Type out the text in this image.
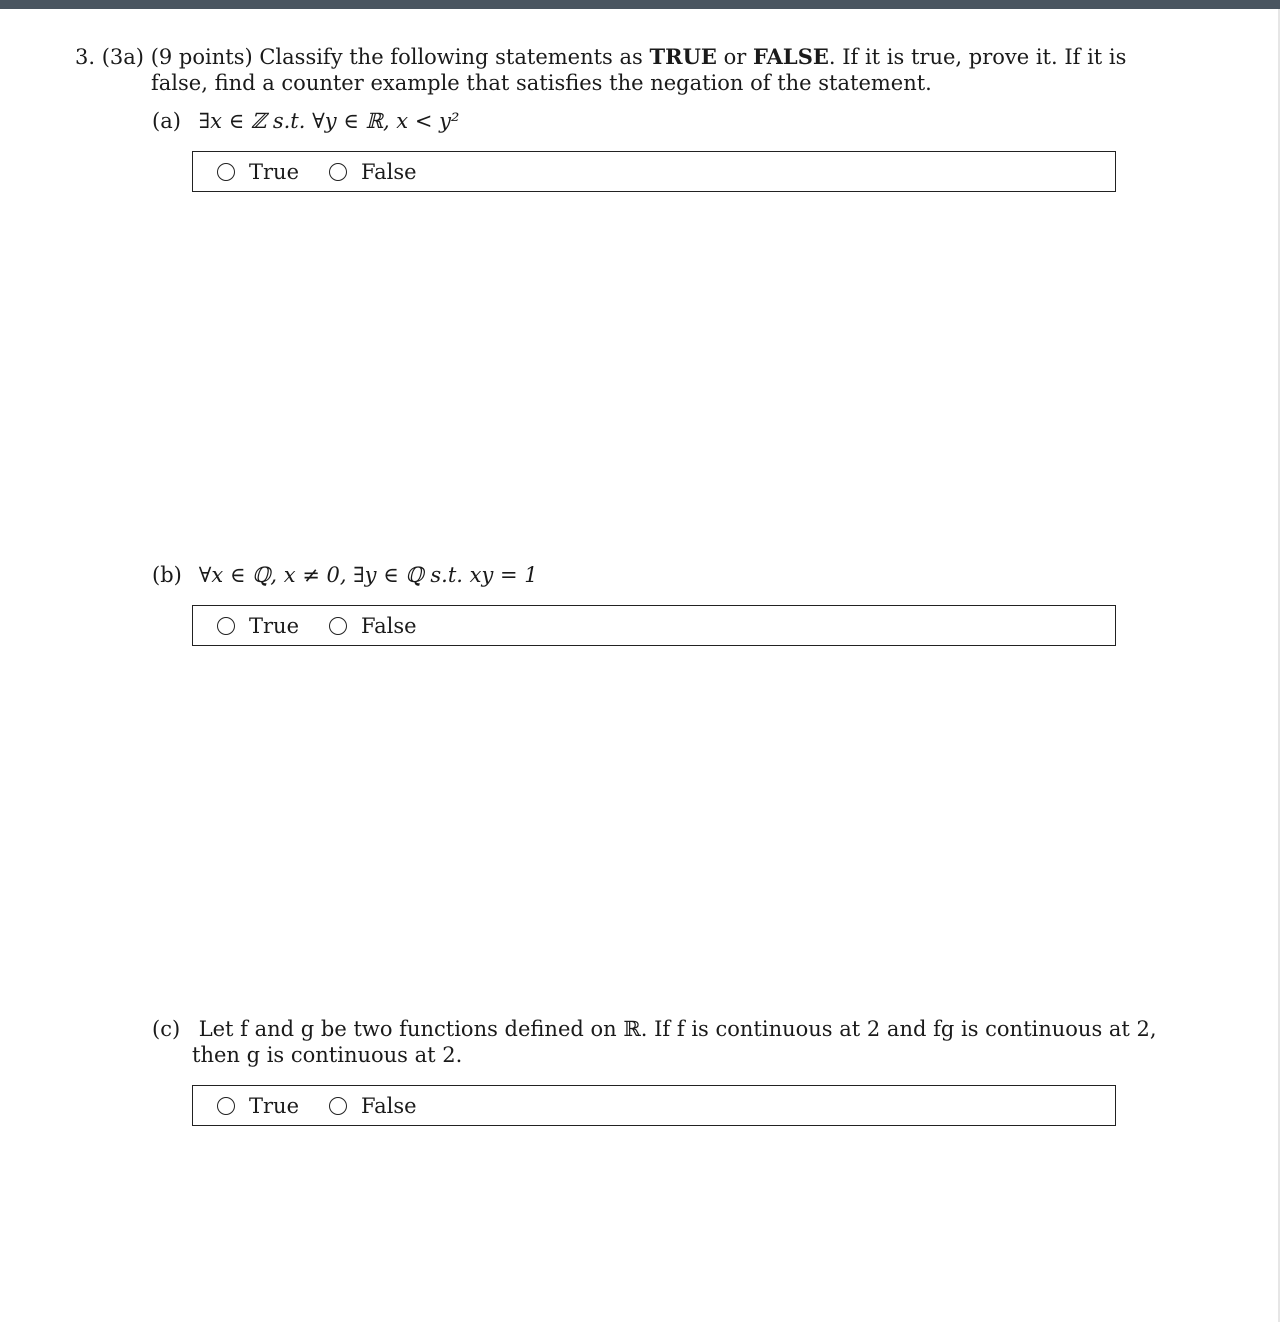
3. (3a) (9 points) Classify the following statements as TRUE or FALSE. If it is true, prove it. If it is
false, find a counter example that satisfies the negation of the statement.
(a) ∃x ∈ ℤ s.t. ∀y ∈ ℝ, x < y²
True	False
(b) ∀x ∈ ℚ, x ≠ 0, ∃y ∈ ℚ s.t. xy = 1
True	False
(c) Let f and g be two functions defined on ℝ. If f is continuous at 2 and fg is continuous at 2,
then g is continuous at 2.
True	False
